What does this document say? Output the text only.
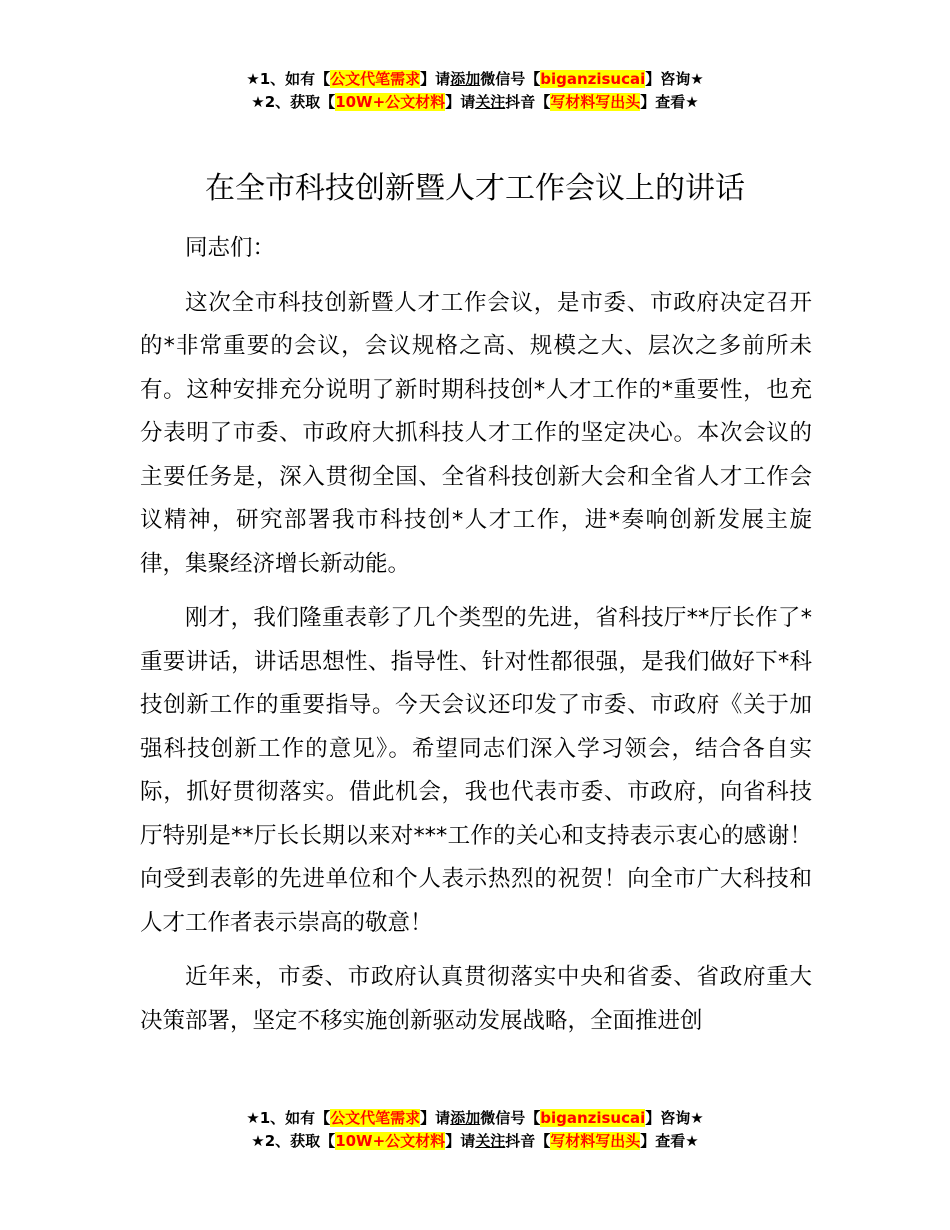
★1、如有【公文代笔需求】请添加微信号【biganzisucai】咨询★
★2、获取【10W+公文材料】请关注抖音【写材料写出头】查看★
在全市科技创新暨人才工作会议上的讲话

同志们：

这次全市科技创新暨人才工作会议，是市委、市政府决定召开的*非常重要的会议，会议规格之高、规模之大、层次之多前所未有。这种安排充分说明了新时期科技创*人才工作的*重要性，也充分表明了市委、市政府大抓科技人才工作的坚定决心。本次会议的主要任务是，深入贯彻全国、全省科技创新大会和全省人才工作会议精神，研究部署我市科技创*人才工作，进*奏响创新发展主旋律，集聚经济增长新动能。

刚才，我们隆重表彰了几个类型的先进，省科技厅**厅长作了*重要讲话，讲话思想性、指导性、针对性都很强，是我们做好下*科技创新工作的重要指导。今天会议还印发了市委、市政府《关于加强科技创新工作的意见》。希望同志们深入学习领会，结合各自实际，抓好贯彻落实。借此机会，我也代表市委、市政府，向省科技厅特别是**厅长长期以来对***工作的关心和支持表示衷心的感谢！向受到表彰的先进单位和个人表示热烈的祝贺！向全市广大科技和人才工作者表示崇高的敬意！

近年来，市委、市政府认真贯彻落实中央和省委、省政府重大决策部署，坚定不移实施创新驱动发展战略，全面推进创

★1、如有【公文代笔需求】请添加微信号【biganzisucai】咨询★
★2、获取【10W+公文材料】请关注抖音【写材料写出头】查看★
